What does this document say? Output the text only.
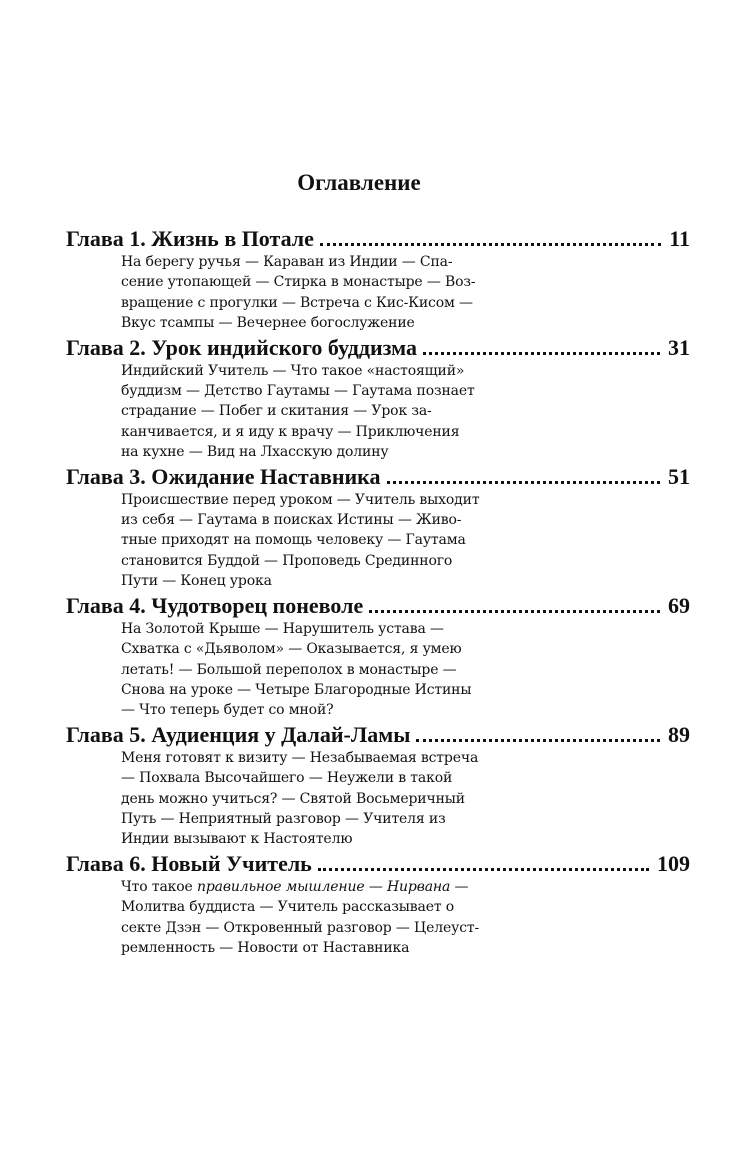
Оглавление
Глава 1. Жизнь в Потале	11
На берегу ручья — Караван из Индии — Спа-
сение утопающей — Стирка в монастыре — Воз-
вращение с прогулки — Встреча с Кис-Кисом —
Вкус тсампы — Вечернее богослужение
Глава 2. Урок индийского буддизма	31
Индийский Учитель — Что такое «настоящий»
буддизм — Детство Гаутамы — Гаутама познает
страдание — Побег и скитания — Урок за-
канчивается, и я иду к врачу — Приключения
на кухне — Вид на Лхасскую долину
Глава 3. Ожидание Наставника	51
Происшествие перед уроком — Учитель выходит
из себя — Гаутама в поисках Истины — Живо-
тные приходят на помощь человеку — Гаутама
становится Буддой — Проповедь Срединного
Пути — Конец урока
Глава 4. Чудотворец поневоле	69
На Золотой Крыше — Нарушитель устава —
Схватка с «Дьяволом» — Оказывается, я умею
летать! — Большой переполох в монастыре —
Снова на уроке — Четыре Благородные Истины
— Что теперь будет со мной?
Глава 5. Аудиенция у Далай-Ламы	89
Меня готовят к визиту — Незабываемая встреча
— Похвала Высочайшего — Неужели в такой
день можно учиться? — Святой Восьмеричный
Путь — Неприятный разговор — Учителя из
Индии вызывают к Настоятелю
Глава 6. Новый Учитель	109
Что такое правильное мышление — Нирвана —
Молитва буддиста — Учитель рассказывает о
секте Дзэн — Откровенный разговор — Целеуст-
ремленность — Новости от Наставника
